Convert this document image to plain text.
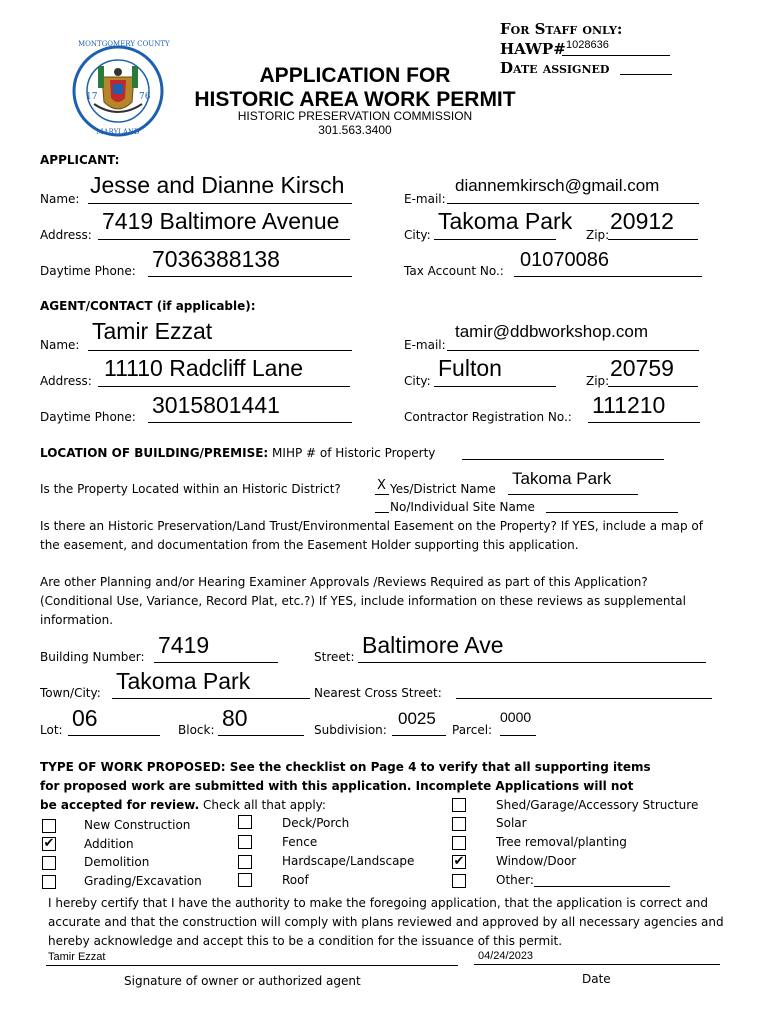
For Staff only:
HAWP# 1028636
Date assigned
17	76
MONTGOMERY COUNTY
MARYLAND
APPLICATION FOR
HISTORIC AREA WORK PERMIT
HISTORIC PRESERVATION COMMISSION
301.563.3400
APPLICANT:
Name:
Jesse and Dianne Kirsch
E-mail:
diannemkirsch@gmail.com
Address:
7419 Baltimore Avenue
City:
Takoma Park
Zip:
20912
Daytime Phone: 7036388138	Tax Account No.: 01070086
AGENT/CONTACT (if applicable):
Name:
Tamir Ezzat
E-mail:
tamir@ddbworkshop.com
Address: 11110 Radcliff Lane	City: Fulton	Zip: 20759
Daytime Phone: 3015801441	Contractor Registration No.: 111210
LOCATION OF BUILDING/PREMISE: MIHP # of Historic Property
Is the Property Located within an Historic District?	X Yes/District Name
Takoma Park
No/Individual Site Name
Is there an Historic Preservation/Land Trust/Environmental Easement on the Property? If YES, include a map of the easement, and documentation from the Easement Holder supporting this application.
Are other Planning and/or Hearing Examiner Approvals /Reviews Required as part of this Application? (Conditional Use, Variance, Record Plat, etc.?) If YES, include information on these reviews as supplemental information.
Building Number: 7419	Street: Baltimore Ave
Town/City: Takoma Park	Nearest Cross Street:
Lot: 06	Block: 80	Subdivision:
0025
Parcel:
0000
TYPE OF WORK PROPOSED: See the checklist on Page 4 to verify that all supporting items
for proposed work are submitted with this application. Incomplete Applications will not
be accepted for review. Check all that apply:
New Construction
✔ Addition
Demolition
Grading/Excavation
Deck/Porch
Fence
Hardscape/Landscape
Roof
Shed/Garage/Accessory Structure
Solar
Tree removal/planting
✔	Window/Door
Other:
I hereby certify that I have the authority to make the foregoing application, that the application is correct and accurate and that the construction will comply with plans reviewed and approved by all necessary agencies and hereby acknowledge and accept this to be a condition for the issuance of this permit.
Tamir Ezzat	04/24/2023
Signature of owner or authorized agent	Date
